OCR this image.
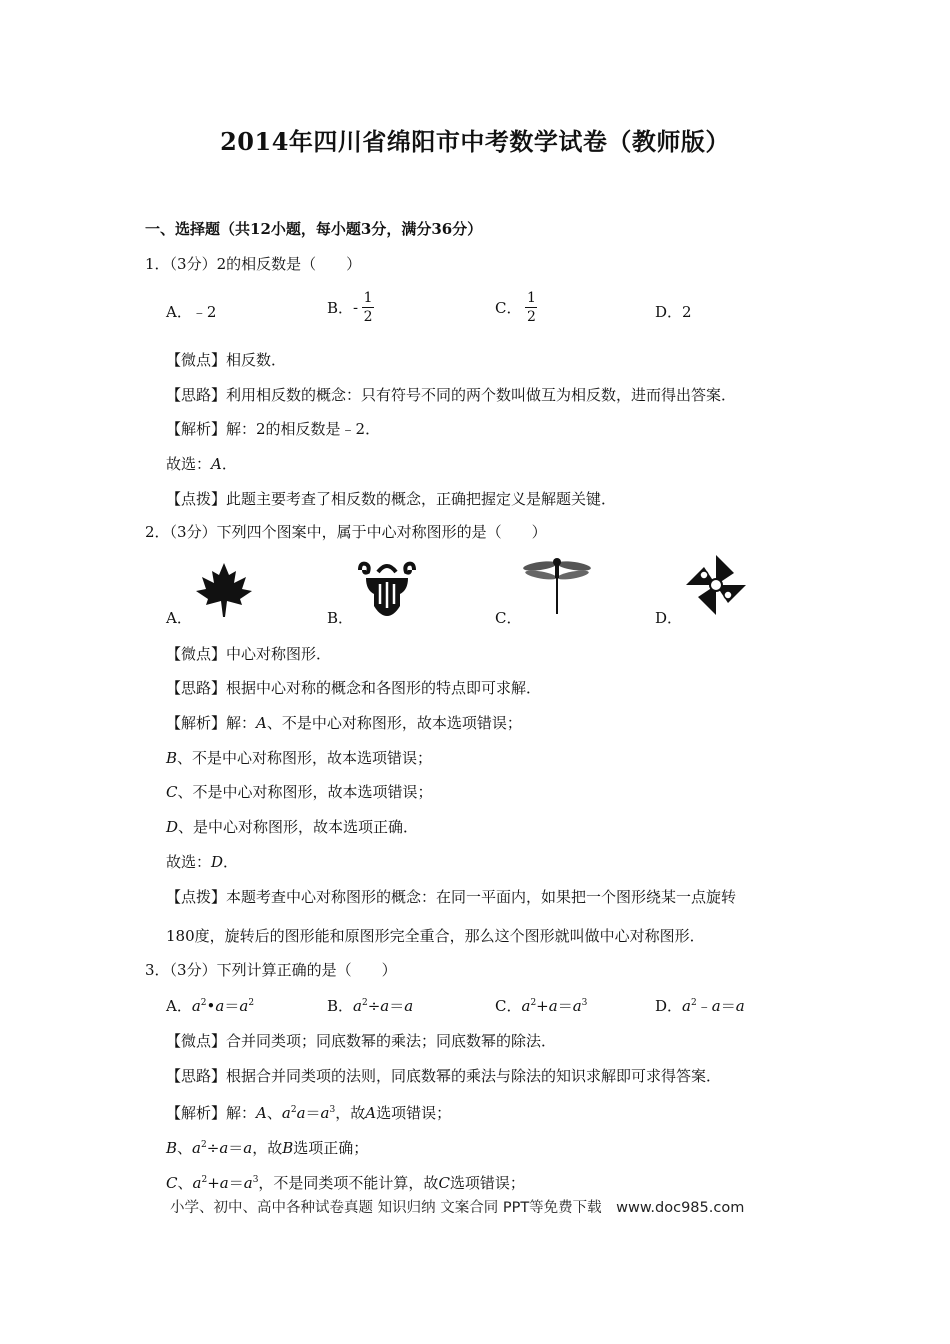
2014年四川省绵阳市中考数学试卷（教师版）
一、选择题（共12小题，每小题3分，满分36分）
1．（3分）2的相反数是（　　）
A．﹣2	B．- $\frac{1}{2}$	C． $\frac{1}{2}$	D．2
【微点】相反数．
【思路】利用相反数的概念：只有符号不同的两个数叫做互为相反数，进而得出答案．
【解析】解：2的相反数是﹣2．
故选：A．
【点拨】此题主要考查了相反数的概念，正确把握定义是解题关键．
2．（3分）下列四个图案中，属于中心对称图形的是（　　）
A．	B．	C．	D．
【微点】中心对称图形．
【思路】根据中心对称的概念和各图形的特点即可求解．
【解析】解：A、不是中心对称图形，故本选项错误；
B、不是中心对称图形，故本选项错误；
C、不是中心对称图形，故本选项错误；
D、是中心对称图形，故本选项正确．
故选：D．
【点拨】本题考查中心对称图形的概念：在同一平面内，如果把一个图形绕某一点旋转
180度，旋转后的图形能和原图形完全重合，那么这个图形就叫做中心对称图形．
3．（3分）下列计算正确的是（　　）
A．$a^2•a=a^2$	B．$a^2\div a=a$	C．$a^2+a=a^3$	D．$a^2﹣a=a$
【微点】合并同类项；同底数幂的乘法；同底数幂的除法．
【思路】根据合并同类项的法则，同底数幂的乘法与除法的知识求解即可求得答案．
【解析】解：A、$a^2a=a^3$，故A选项错误；
B、$a^2\div a=a$，故B选项正确；
C、$a^2+a=a^3$，不是同类项不能计算，故C选项错误；
小学、初中、高中各种试卷真题 知识归纳 文案合同 PPT等免费下载　www.doc985.com
